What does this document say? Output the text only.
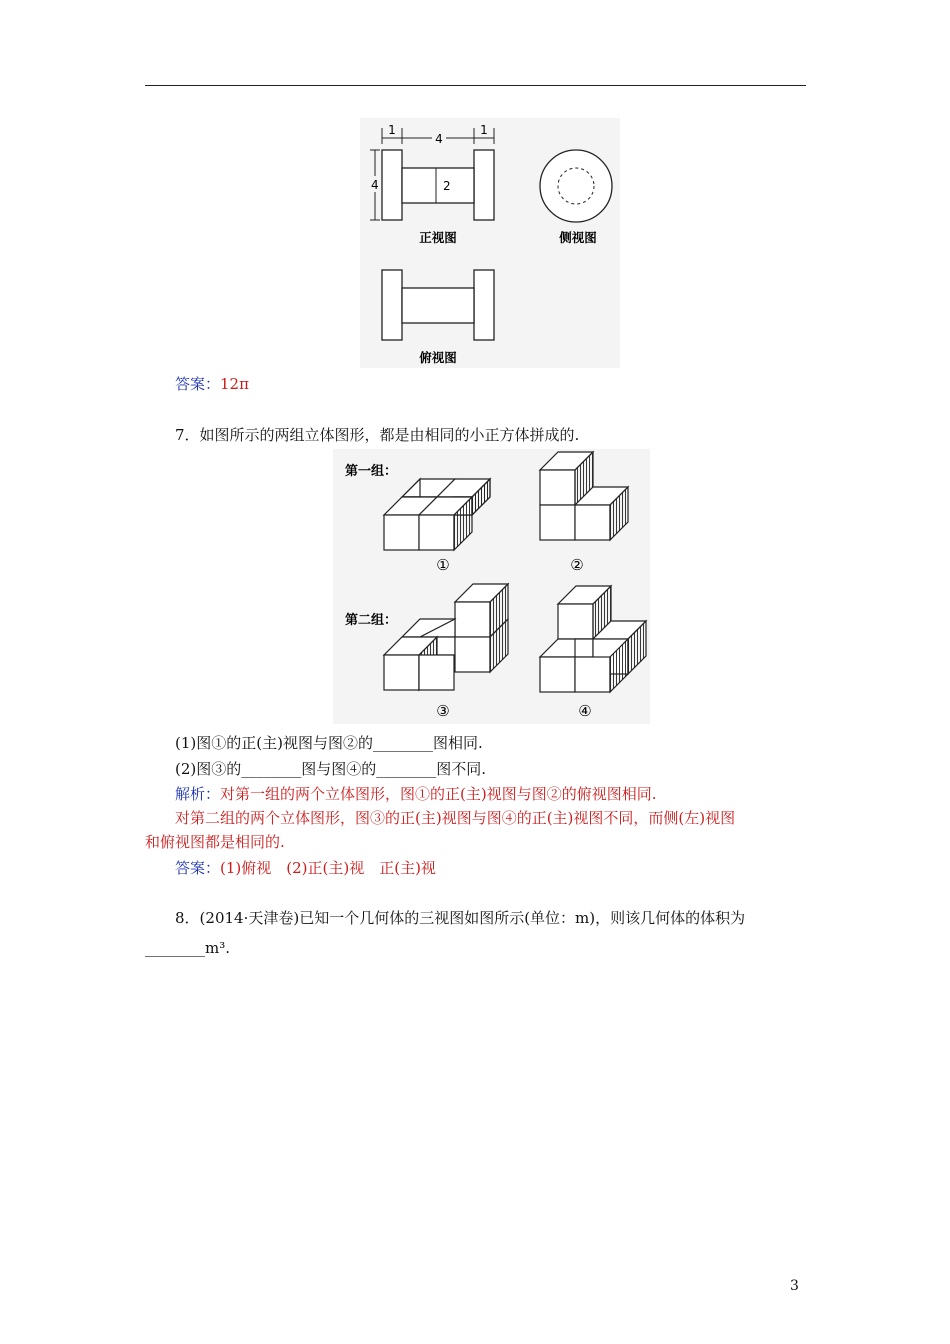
1
4
1
4	2
正视图	侧视图
俯视图
答案：12π
7．如图所示的两组立体图形，都是由相同的小正方体拼成的.
第一组：
第二组：
①	②
③	④
(1)图①的正(主)视图与图②的________图相同.
(2)图③的________图与图④的________图不同.
解析：对第一组的两个立体图形，图①的正(主)视图与图②的俯视图相同.
对第二组的两个立体图形，图③的正(主)视图与图④的正(主)视图不同，而侧(左)视图
和俯视图都是相同的.
答案：(1)俯视　(2)正(主)视　正(主)视
8．(2014·天津卷)已知一个几何体的三视图如图所示(单位：m)，则该几何体的体积为
________m³.
3
